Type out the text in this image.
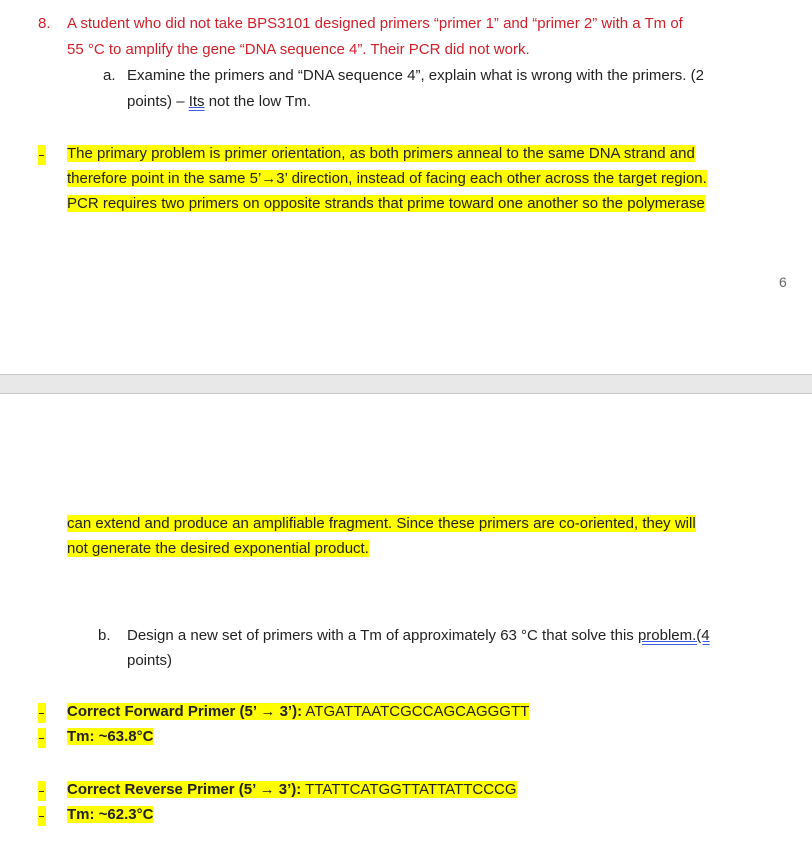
8. A student who did not take BPS3101 designed primers “primer 1” and “primer 2” with a Tm of
55 °C to amplify the gene “DNA sequence 4”. Their PCR did not work.
a. Examine the primers and “DNA sequence 4”, explain what is wrong with the primers. (2
points) – Its not the low Tm.
The primary problem is primer orientation, as both primers anneal to the same DNA strand and
therefore point in the same 5’→3’ direction, instead of facing each other across the target region.
PCR requires two primers on opposite strands that prime toward one another so the polymerase
6
can extend and produce an amplifiable fragment. Since these primers are co-oriented, they will
not generate the desired exponential product.
b. Design a new set of primers with a Tm of approximately 63 °C that solve this problem.(4
points)
Correct Forward Primer (5’ → 3’): ATGATTAATCGCCAGCAGGGTT
Tm: ~63.8°C
Correct Reverse Primer (5’ → 3’): TTATTCATGGTTATTATTCCCG
Tm: ~62.3°C
